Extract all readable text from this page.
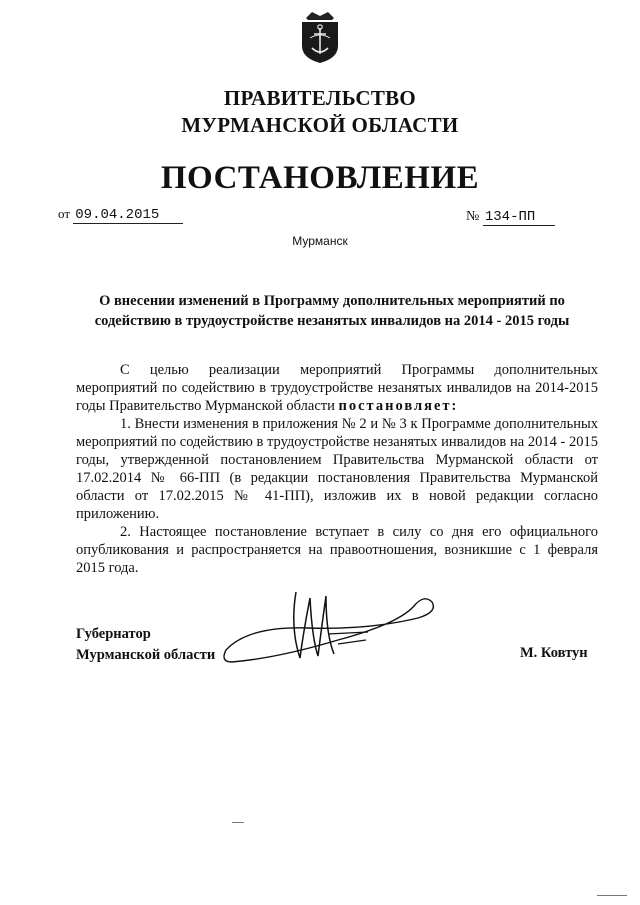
ПРАВИТЕЛЬСТВО
МУРМАНСКОЙ ОБЛАСТИ
ПОСТАНОВЛЕНИЕ
от 09.04.2015	№ 134-ПП
Мурманск
О внесении изменений в Программу дополнительных мероприятий по содействию в трудоустройстве незанятых инвалидов на 2014 - 2015 годы

С целью реализации мероприятий Программы дополнительных мероприятий по содействию в трудоустройстве незанятых инвалидов на 2014-2015 годы Правительство Мурманской области постановляет:

1. Внести изменения в приложения № 2 и № 3 к Программе дополнительных мероприятий по содействию в трудоустройстве незанятых инвалидов на 2014 - 2015 годы, утвержденной постановлением Правительства Мурманской области от 17.02.2014 № 66-ПП (в редакции постановления Правительства Мурманской области от 17.02.2015 № 41-ПП), изложив их в новой редакции согласно приложению.

2. Настоящее постановление вступает в силу со дня его официального опубликования и распространяется на правоотношения, возникшие с 1 февраля 2015 года.

Губернатор
Мурманской области	М. Ковтун
